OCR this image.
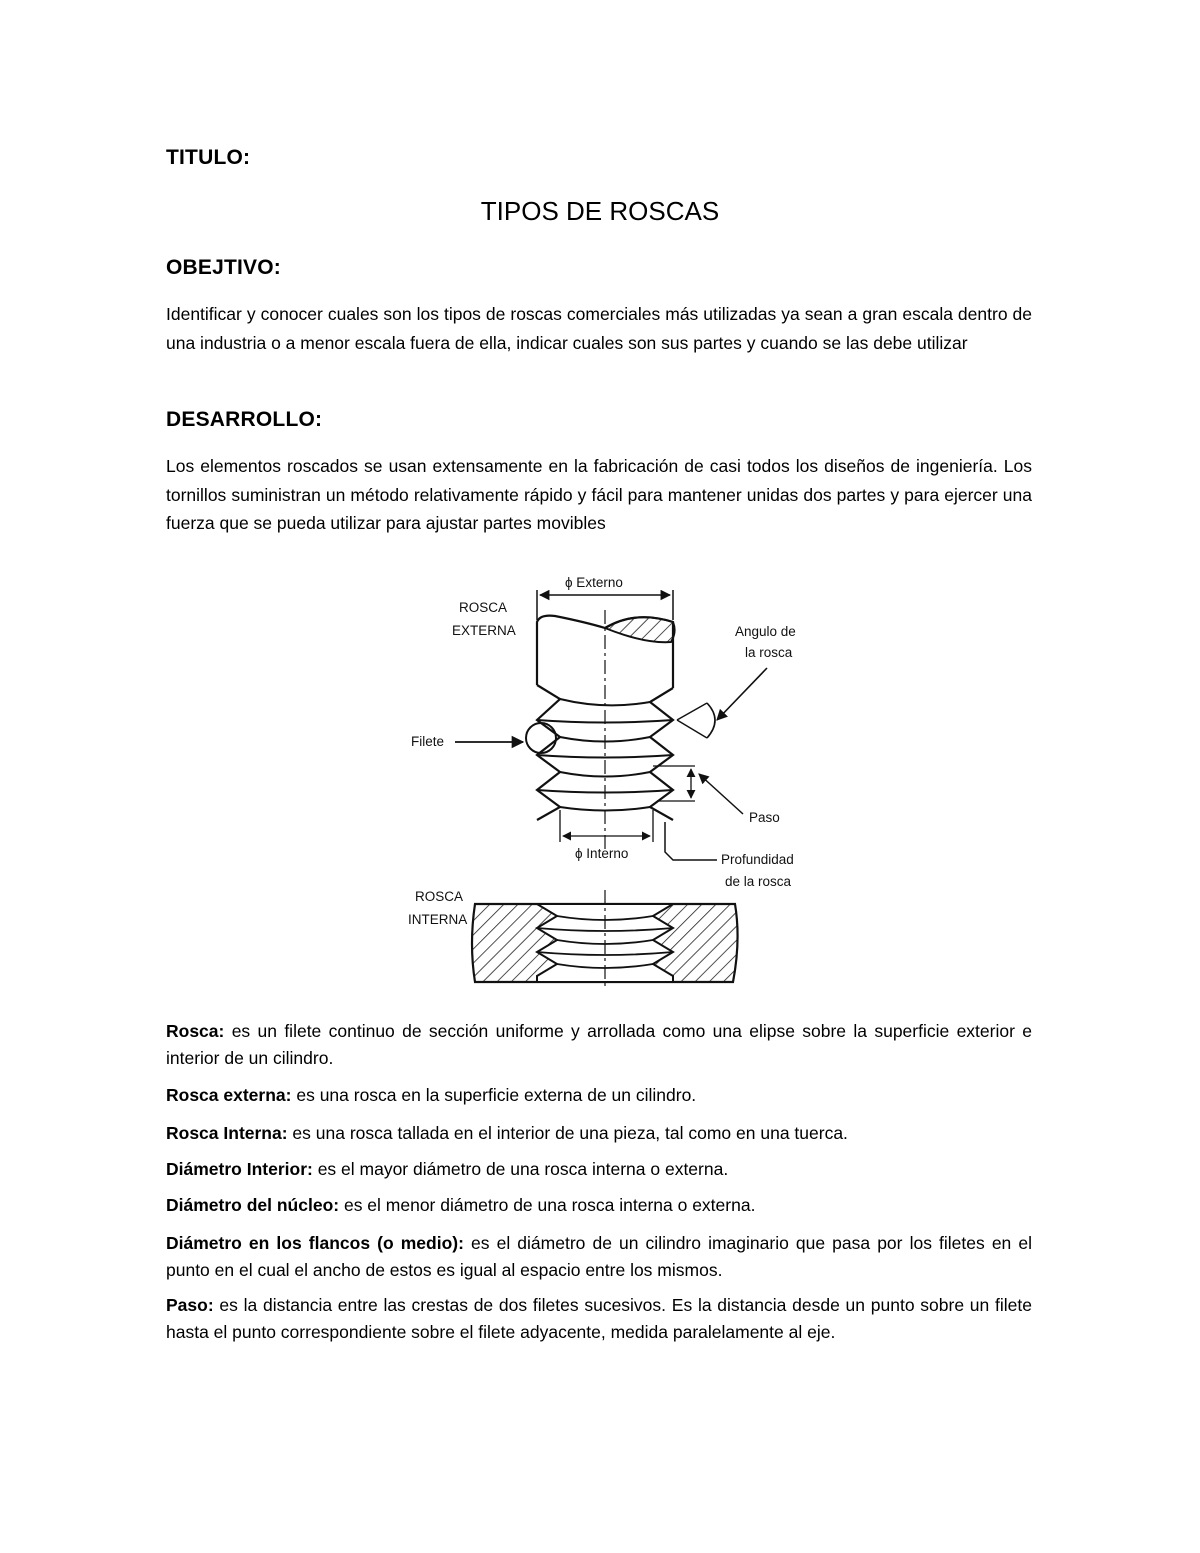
TITULO:
TIPOS DE ROSCAS
OBEJTIVO:
Identificar y conocer cuales son los tipos de roscas comerciales más utilizadas ya sean a gran escala dentro de una industria o a menor escala fuera de ella, indicar cuales son sus partes y cuando se las debe utilizar
DESARROLLO:
Los elementos roscados se usan extensamente en la fabricación de casi todos los diseños de ingeniería. Los tornillos suministran un método relativamente rápido y fácil para mantener unidas dos partes y para ejercer una fuerza que se pueda utilizar para ajustar partes movibles
ϕ Externo
ROSCA
EXTERNA
Filete
Angulo de
la rosca
Paso
ϕ Interno	Profundidad
de la rosca
ROSCA
INTERNA
Rosca: es un filete continuo de sección uniforme y arrollada como una elipse sobre la superficie exterior e interior de un cilindro.
Rosca externa: es una rosca en la superficie externa de un cilindro.
Rosca Interna: es una rosca tallada en el interior de una pieza, tal como en una tuerca.
Diámetro Interior: es el mayor diámetro de una rosca interna o externa.
Diámetro del núcleo: es el menor diámetro de una rosca interna o externa.
Diámetro en los flancos (o medio): es el diámetro de un cilindro imaginario que pasa por los filetes en el punto en el cual el ancho de estos es igual al espacio entre los mismos.
Paso: es la distancia entre las crestas de dos filetes sucesivos. Es la distancia desde un punto sobre un filete hasta el punto correspondiente sobre el filete adyacente, medida paralelamente al eje.
